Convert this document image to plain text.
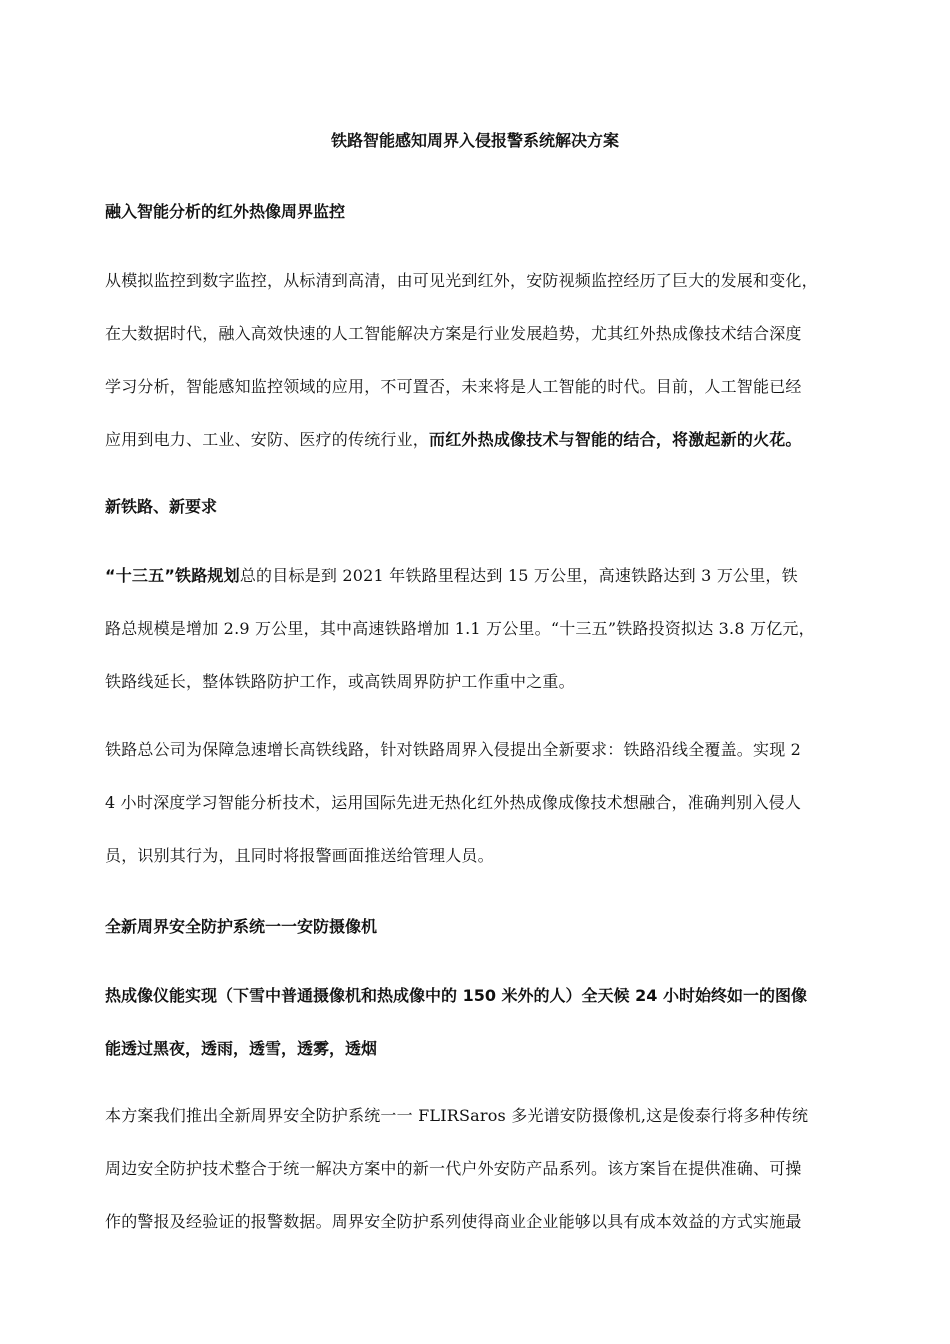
铁路智能感知周界入侵报警系统解决方案
融入智能分析的红外热像周界监控
从模拟监控到数字监控，从标清到高清，由可见光到红外，安防视频监控经历了巨大的发展和变化，
在大数据时代，融入高效快速的人工智能解决方案是行业发展趋势，尤其红外热成像技术结合深度
学习分析，智能感知监控领域的应用，不可置否，未来将是人工智能的时代。目前，人工智能已经
应用到电力、工业、安防、医疗的传统行业，而红外热成像技术与智能的结合，将激起新的火花。
新铁路、新要求
“十三五”铁路规划总的目标是到 2021 年铁路里程达到 15 万公里，高速铁路达到 3 万公里，铁
路总规模是增加 2.9 万公里，其中高速铁路增加 1.1 万公里。“十三五”铁路投资拟达 3.8 万亿元，
铁路线延长，整体铁路防护工作，或高铁周界防护工作重中之重。
铁路总公司为保障急速增长高铁线路，针对铁路周界入侵提出全新要求：铁路沿线全覆盖。实现 2
4 小时深度学习智能分析技术，运用国际先进无热化红外热成像成像技术想融合，准确判别入侵人
员，识别其行为，且同时将报警画面推送给管理人员。
全新周界安全防护系统一一安防摄像机
热成像仪能实现（下雪中普通摄像机和热成像中的 150 米外的人）全天候 24 小时始终如一的图像
能透过黑夜，透雨，透雪，透雾，透烟
本方案我们推出全新周界安全防护系统一一 FLIRSaros 多光谱安防摄像机,这是俊泰行将多种传统
周边安全防护技术整合于统一解决方案中的新一代户外安防产品系列。该方案旨在提供准确、可操
作的警报及经验证的报警数据。周界安全防护系列使得商业企业能够以具有成本效益的方式实施最
